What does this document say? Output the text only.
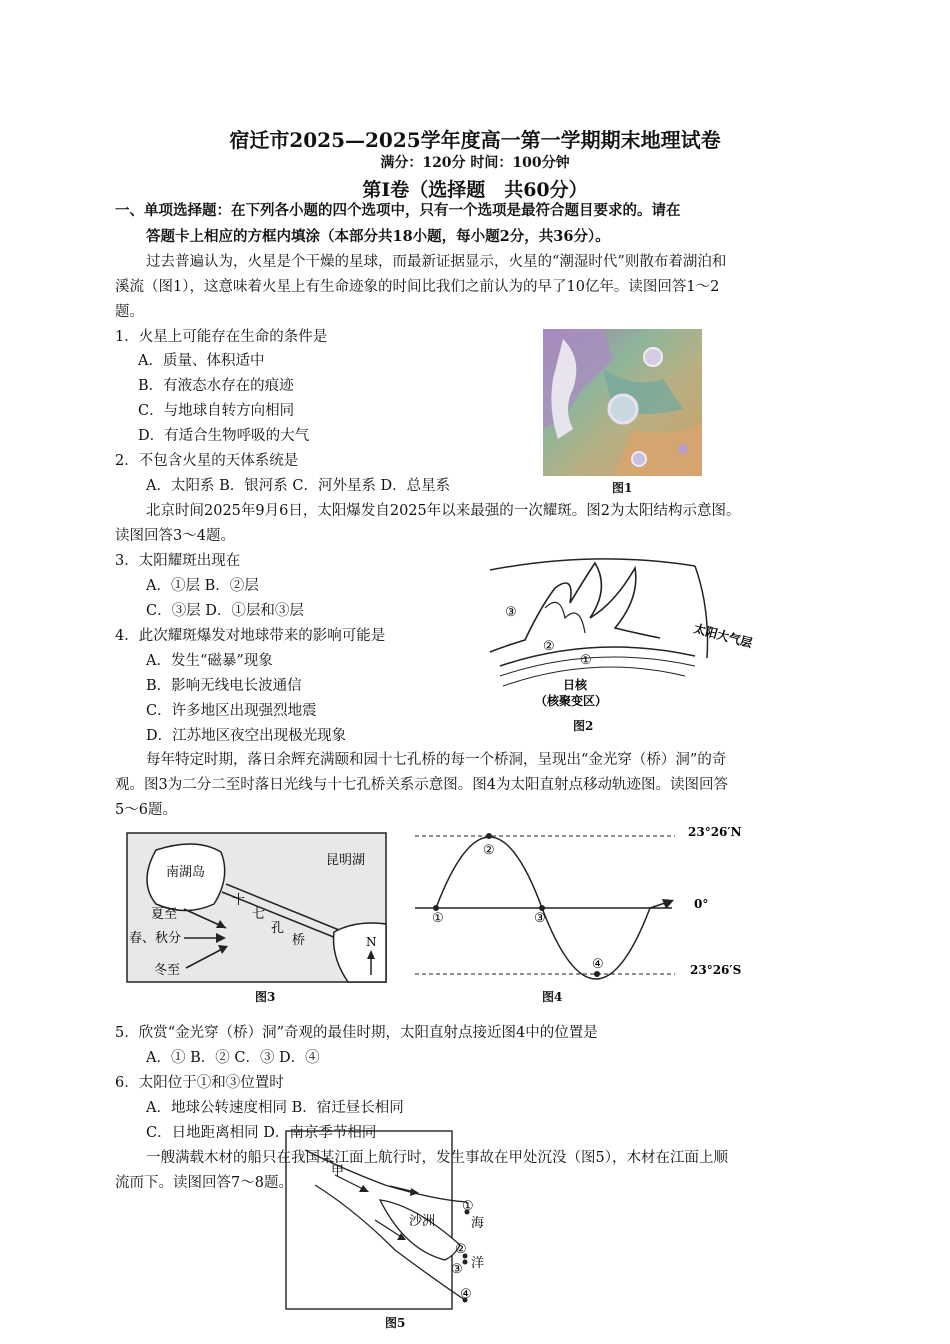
宿迁市2025—2025学年度高一第一学期期末地理试卷
满分：120分 时间：100分钟
第Ⅰ卷（选择题　共60分）
一、单项选择题：在下列各小题的四个选项中，只有一个选项是最符合题目要求的。请在
答题卡上相应的方框内填涂（本部分共18小题，每小题2分，共36分）。
过去普遍认为，火星是个干燥的星球，而最新证据显示，火星的“潮湿时代”则散布着湖泊和
溪流（图1），这意味着火星上有生命迹象的时间比我们之前认为的早了10亿年。读图回答1～2
题。
1．火星上可能存在生命的条件是
A．质量、体积适中
B．有液态水存在的痕迹
C．与地球自转方向相同
D．有适合生物呼吸的大气
2．不包含火星的天体系统是
A．太阳系 B．银河系 C．河外星系 D．总星系	图1
北京时间2025年9月6日，太阳爆发自2025年以来最强的一次耀斑。图2为太阳结构示意图。
读图回答3～4题。
3．太阳耀斑出现在
A．①层 B．②层
C．③层 D．①层和③层
4．此次耀斑爆发对地球带来的影响可能是
A．发生“磁暴”现象
B．影响无线电长波通信
C．许多地区出现强烈地震
D．江苏地区夜空出现极光现象
③
②
①
太阳大气层
日核
（核聚变区）
图2
每年特定时期，落日余辉充满颐和园十七孔桥的每一个桥洞，呈现出“金光穿（桥）洞”的奇
观。图3为二分二至时落日光线与十七孔桥关系示意图。图4为太阳直射点移动轨迹图。读图回答
5～6题。
南湖岛
昆明湖
十
七
孔
桥
夏至
春、秋分
冬至
N
图3
①
②
③
④
23°26′N
0°
23°26′S
图4
5．欣赏“金光穿（桥）洞”奇观的最佳时期，太阳直射点接近图4中的位置是
A．① B．② C．③ D．④
6．太阳位于①和③位置时
A．地球公转速度相同 B．宿迁昼长相同
C．日地距离相同 D．南京季节相同
一艘满载木材的船只在我国某江面上航行时，发生事故在甲处沉没（图5），木材在江面上顺
流而下。读图回答7～8题。
甲
沙洲	海
洋
①
②
③
④
图5
